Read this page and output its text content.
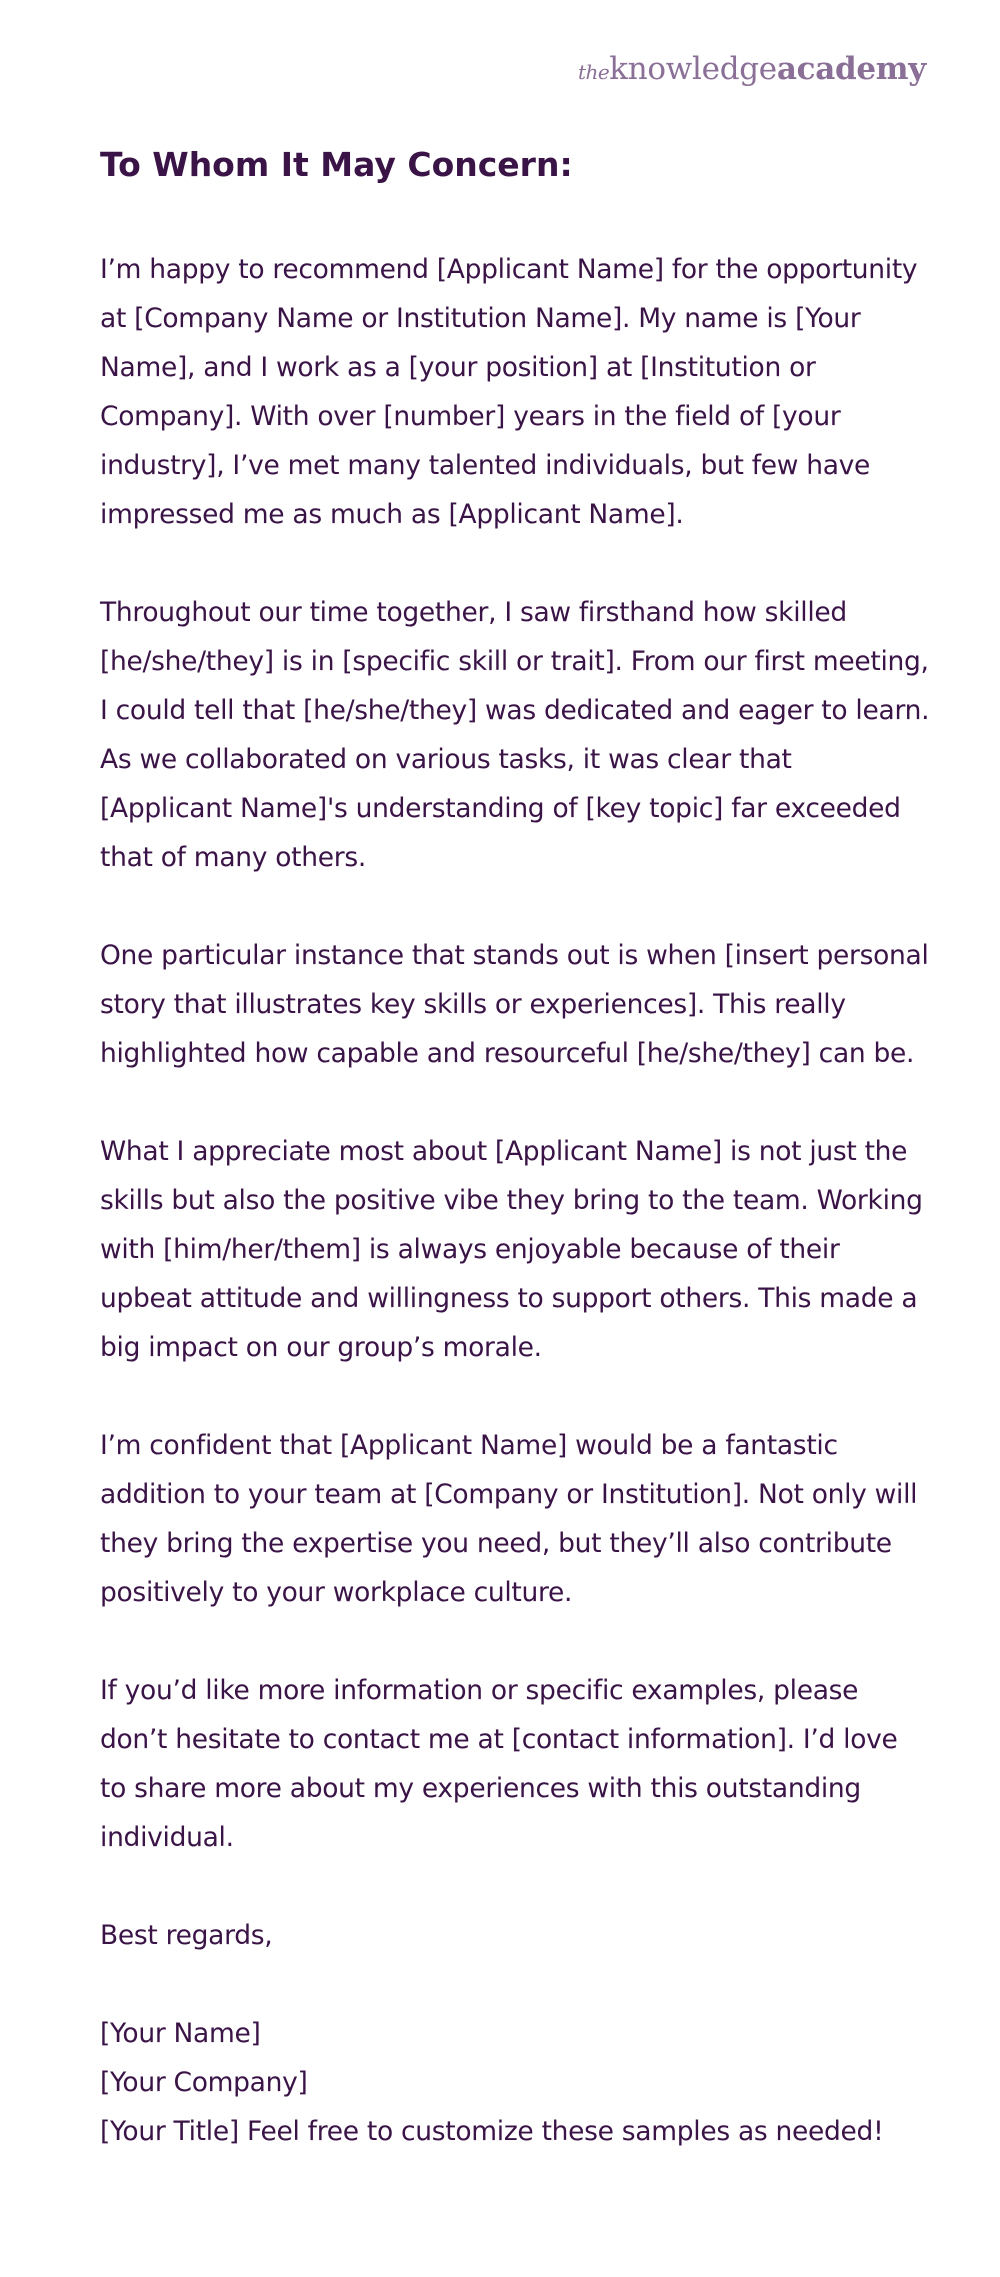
theknowledgeacademy
To Whom It May Concern:

I’m happy to recommend [Applicant Name] for the opportunity at [Company Name or Institution Name]. My name is [Your Name], and I work as a [your position] at [Institution or Company]. With over [number] years in the field of [your industry], I’ve met many talented individuals, but few have impressed me as much as [Applicant Name].

Throughout our time together, I saw firsthand how skilled [he/she/they] is in [specific skill or trait]. From our first meeting, I could tell that [he/she/they] was dedicated and eager to learn. As we collaborated on various tasks, it was clear that [Applicant Name]'s understanding of [key topic] far exceeded that of many others.

One particular instance that stands out is when [insert personal story that illustrates key skills or experiences]. This really highlighted how capable and resourceful [he/she/they] can be.

What I appreciate most about [Applicant Name] is not just the skills but also the positive vibe they bring to the team. Working with [him/her/them] is always enjoyable because of their upbeat attitude and willingness to support others. This made a big impact on our group’s morale.

I’m confident that [Applicant Name] would be a fantastic addition to your team at [Company or Institution]. Not only will they bring the expertise you need, but they’ll also contribute positively to your workplace culture.

If you’d like more information or specific examples, please don’t hesitate to contact me at [contact information]. I’d love to share more about my experiences with this outstanding individual.

Best regards,

[Your Name]
[Your Company]
[Your Title] Feel free to customize these samples as needed!
